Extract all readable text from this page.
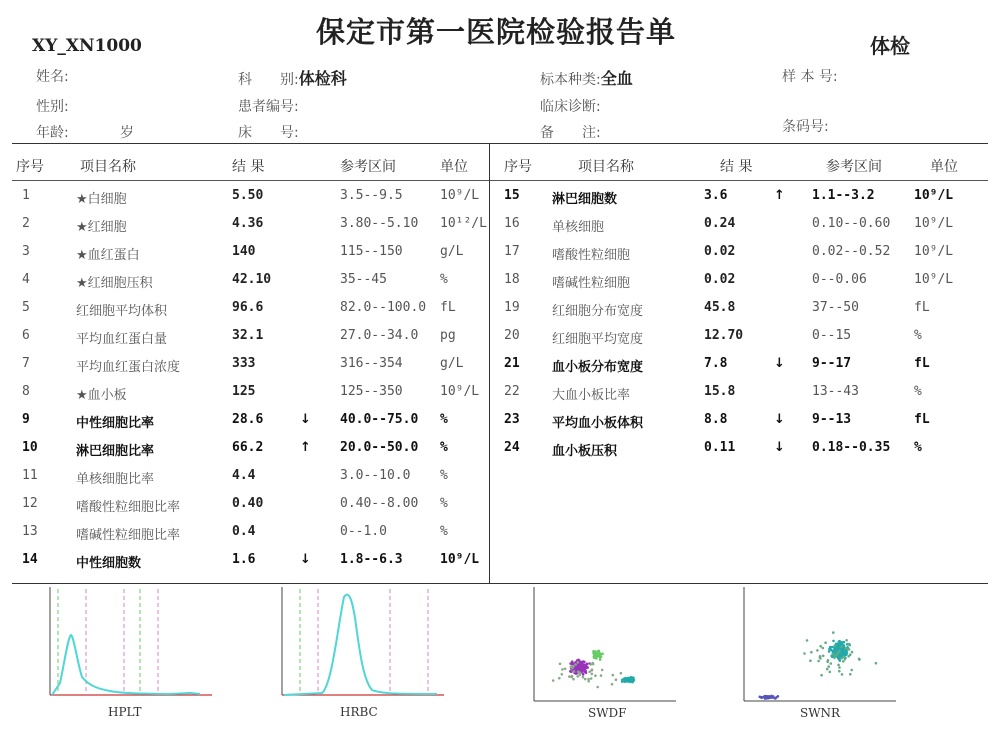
XY_XN1000	保定市第一医院检验报告单	体检
姓名:
性别:
年龄:	岁
科　　别:体检科
患者编号:
床　　号:
标本种类:全血
临床诊断:
备　　注:
样 本 号:
条码号:
序号	项目名称	结 果	参考区间	单位	序号	项目名称	结 果	参考区间	单位
1	★白细胞	5.50	3.5--9.5	10⁹/L
2	★红细胞	4.36	3.80--5.10 10¹²/L
3	★血红蛋白	140	115--150	g/L
4	★红细胞压积	42.10	35--45	%
5	红细胞平均体积	96.6	82.0--100.0 fL
6	平均血红蛋白量	32.1	27.0--34.0 pg
7	平均血红蛋白浓度	333	316--354	g/L
8	★血小板	125	125--350	10⁹/L
9	中性细胞比率	28.6	↓ 40.0--75.0 %
10	淋巴细胞比率	66.2	↑ 20.0--50.0 %
11	单核细胞比率	4.4	3.0--10.0 %
12	嗜酸性粒细胞比率	0.40	0.40--8.00 %
13	嗜碱性粒细胞比率	0.4	0--1.0	%
14	中性细胞数	1.6	↓ 1.8--6.3	10⁹/L
15 淋巴细胞数	3.6	↑ 1.1--3.2	10⁹/L
16 单核细胞	0.24	0.10--0.60 10⁹/L
17 嗜酸性粒细胞	0.02	0.02--0.52 10⁹/L
18 嗜碱性粒细胞	0.02	0--0.06	10⁹/L
19 红细胞分布宽度	45.8	37--50	fL
20 红细胞平均宽度	12.70	0--15	%
21 血小板分布宽度	7.8	↓ 9--17	fL
22 大血小板比率	15.8	13--43	%
23 平均血小板体积	8.8	↓ 9--13	fL
24 血小板压积	0.11	↓ 0.18--0.35 %
HPLT	HRBC	SWDF	SWNR
